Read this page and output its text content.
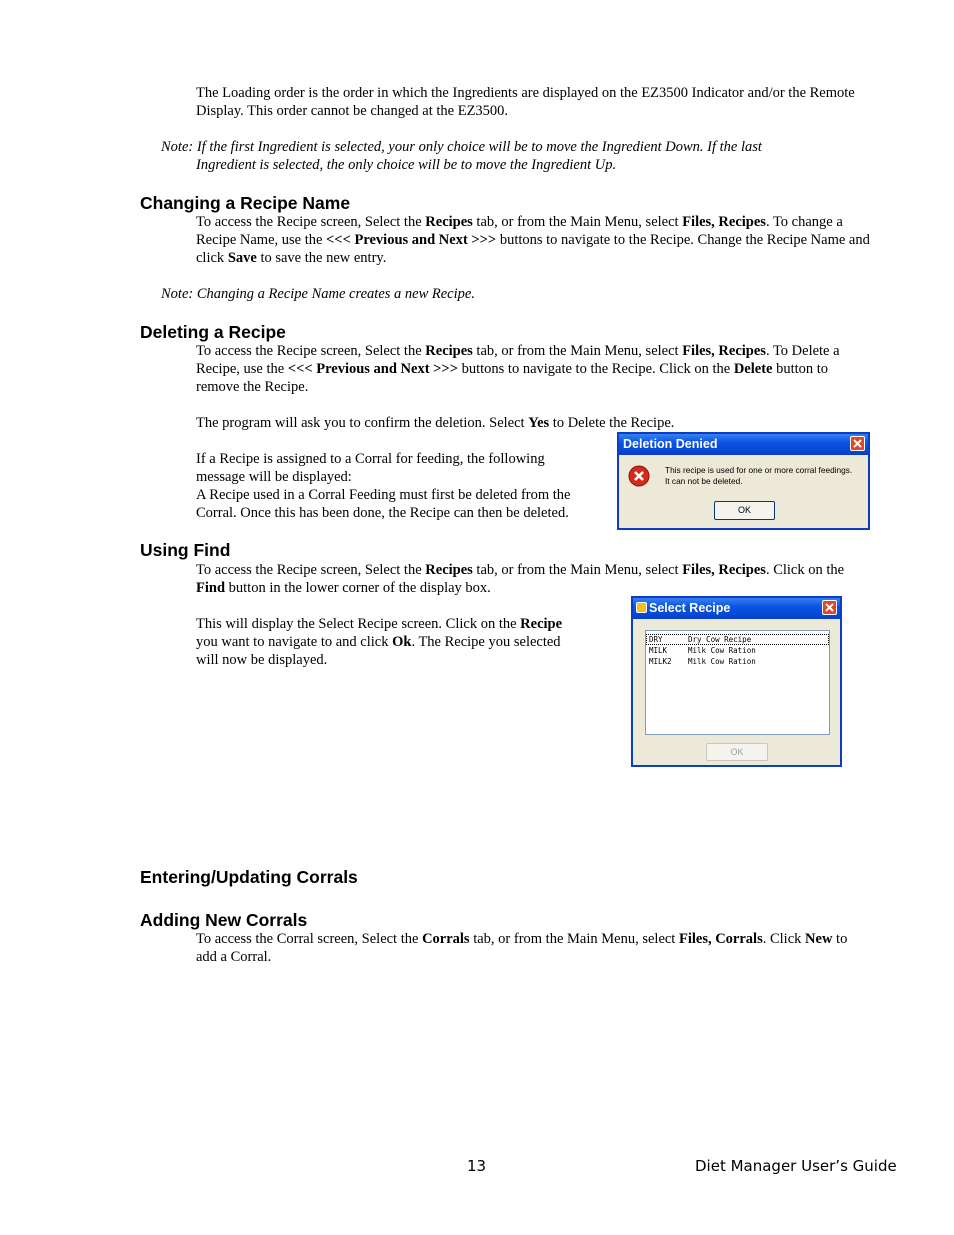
The Loading order is the order in which the Ingredients are displayed on the EZ3500 Indicator and/or the Remote Display. This order cannot be changed at the EZ3500.

Note: If the first Ingredient is selected, your only choice will be to move the Ingredient Down. If the last
Ingredient is selected, the only choice will be to move the Ingredient Up.
Changing a Recipe Name

To access the Recipe screen, Select the Recipes tab, or from the Main Menu, select Files, Recipes. To change a Recipe Name, use the <<< Previous and Next >>> buttons to navigate to the Recipe. Change the Recipe Name and click Save to save the new entry.

Note: Changing a Recipe Name creates a new Recipe.
Deleting a Recipe

To access the Recipe screen, Select the Recipes tab, or from the Main Menu, select Files, Recipes. To Delete a Recipe, use the <<< Previous and Next >>> buttons to navigate to the Recipe. Click on the Delete button to remove the Recipe.

The program will ask you to confirm the deletion. Select Yes to Delete the Recipe.

If a Recipe is assigned to a Corral for feeding, the following message will be displayed:

A Recipe used in a Corral Feeding must first be deleted from the Corral. Once this has been done, the Recipe can then be deleted.

Deletion Denied
This recipe is used for one or more corral feedings.
It can not be deleted.
OK
Using Find

To access the Recipe screen, Select the Recipes tab, or from the Main Menu, select Files, Recipes. Click on the Find button in the lower corner of the display box.

This will display the Select Recipe screen. Click on the Recipe you want to navigate to and click Ok. The Recipe you selected will now be displayed.

Select Recipe
DRY	Dry Cow Recipe
MILK	Milk Cow Ration
MILK2 Milk Cow Ration
OK
Entering/Updating Corrals
Adding New Corrals

To access the Corral screen, Select the Corrals tab, or from the Main Menu, select Files, Corrals. Click New to add a Corral.

13	Diet Manager User’s Guide
